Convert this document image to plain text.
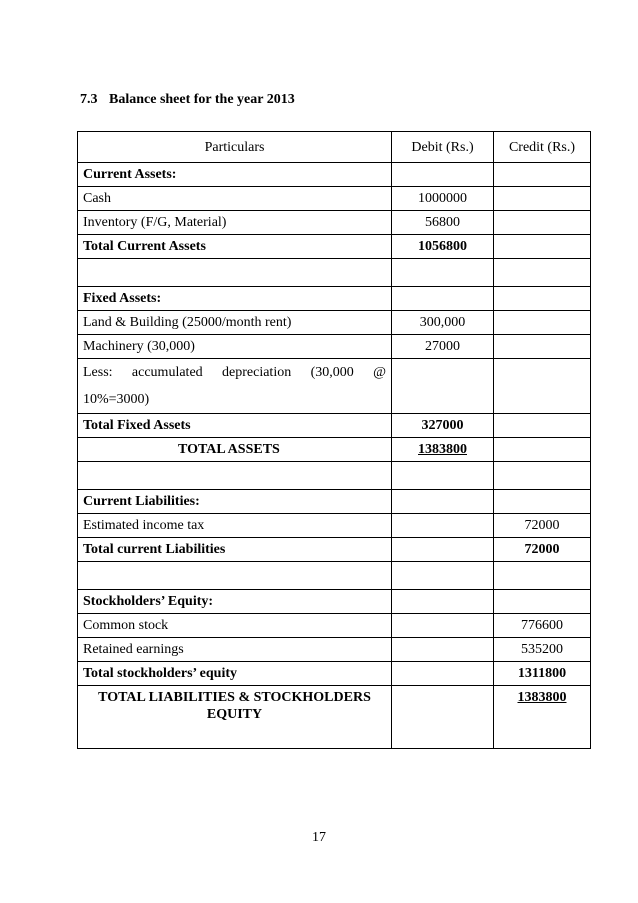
7.3 Balance sheet for the year 2013
Particulars	Debit (Rs.)	Credit (Rs.)
Current Assets:		
Cash	1000000	
Inventory (F/G, Material)	56800	
Total Current Assets	1056800	

Fixed Assets:		
Land & Building (25000/month rent)	300,000	
Machinery (30,000)	27000	
Less: accumulated depreciation (30,000 @ 10%=3000)		
Total Fixed Assets	327000	
TOTAL ASSETS	1383800	

Current Liabilities:		
Estimated income tax		72000
Total current Liabilities		72000

Stockholders’ Equity:		
Common stock		776600
Retained earnings		535200
Total stockholders’ equity		1311800

TOTAL LIABILITIES & STOCKHOLDERS
EQUITY		1383800
17
